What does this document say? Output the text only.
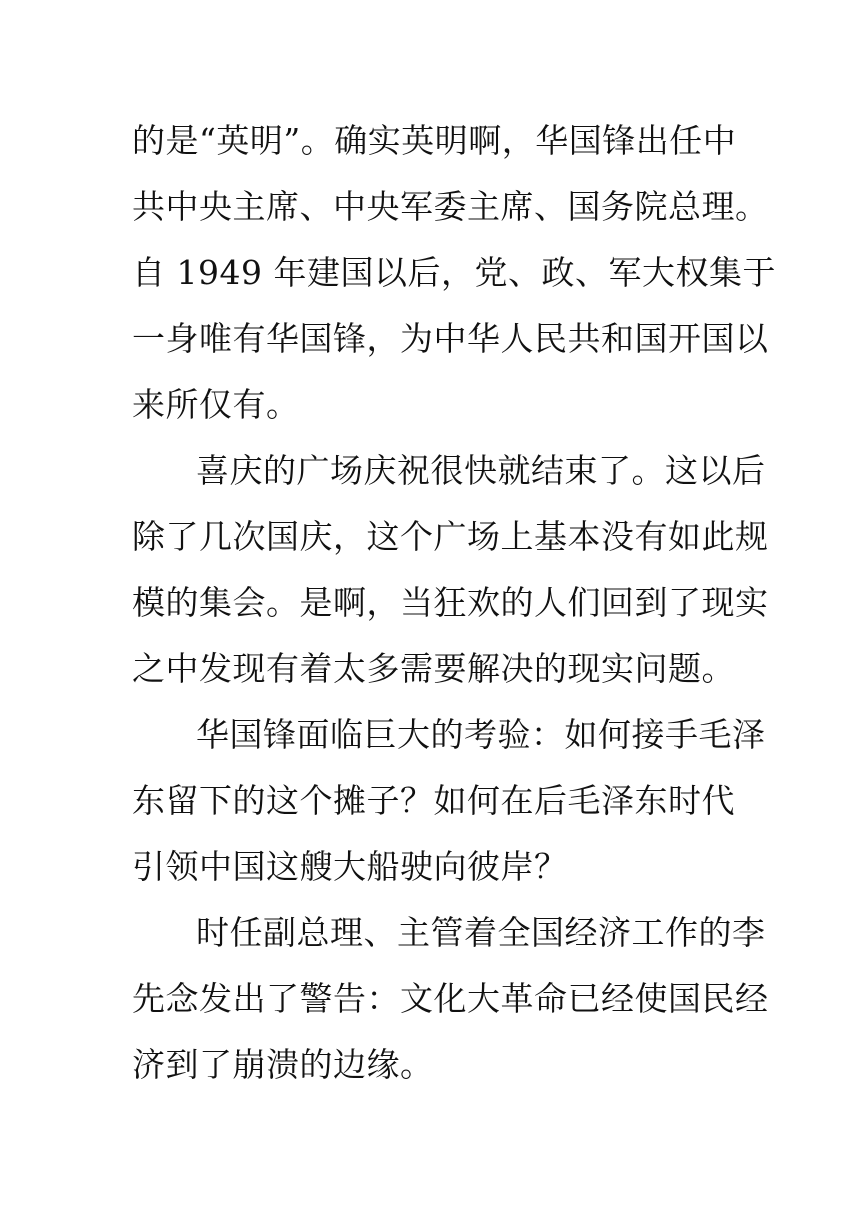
的是“英明”。确实英明啊，华国锋出任中
共中央主席、中央军委主席、国务院总理。
自 1949 年建国以后，党、政、军大权集于
一身唯有华国锋，为中华人民共和国开国以
来所仅有。
喜庆的广场庆祝很快就结束了。这以后
除了几次国庆，这个广场上基本没有如此规
模的集会。是啊，当狂欢的人们回到了现实
之中发现有着太多需要解决的现实问题。
华国锋面临巨大的考验：如何接手毛泽
东留下的这个摊子？如何在后毛泽东时代
引领中国这艘大船驶向彼岸？
时任副总理、主管着全国经济工作的李
先念发出了警告：文化大革命已经使国民经
济到了崩溃的边缘。
